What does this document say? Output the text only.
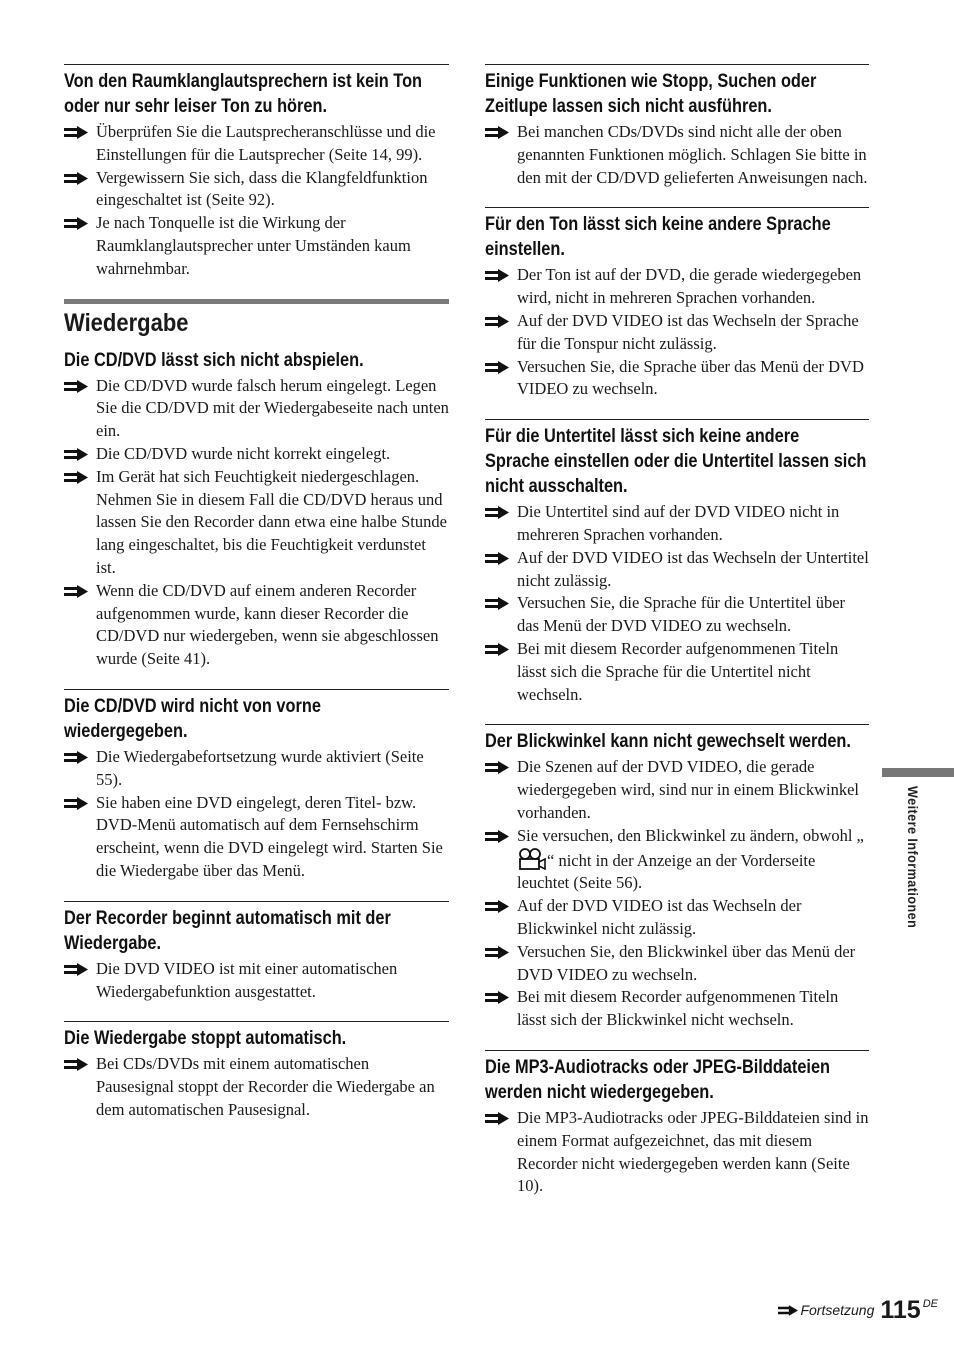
Von den Raumklanglautsprechern ist kein Ton oder nur sehr leiser Ton zu hören.
Überprüfen Sie die Lautsprecheranschlüsse und die Einstellungen für die Lautsprecher (Seite 14, 99).
Vergewissern Sie sich, dass die Klangfeldfunktion eingeschaltet ist (Seite 92).
Je nach Tonquelle ist die Wirkung der Raumklanglautsprecher unter Umständen kaum wahrnehmbar.
Wiedergabe
Die CD/DVD lässt sich nicht abspielen.
Die CD/DVD wurde falsch herum eingelegt. Legen Sie die CD/DVD mit der Wiedergabeseite nach unten ein.
Die CD/DVD wurde nicht korrekt eingelegt.
Im Gerät hat sich Feuchtigkeit niedergeschlagen. Nehmen Sie in diesem Fall die CD/DVD heraus und lassen Sie den Recorder dann etwa eine halbe Stunde lang eingeschaltet, bis die Feuchtigkeit verdunstet ist.
Wenn die CD/DVD auf einem anderen Recorder aufgenommen wurde, kann dieser Recorder die CD/DVD nur wiedergeben, wenn sie abgeschlossen wurde (Seite 41).
Die CD/DVD wird nicht von vorne wiedergegeben.
Die Wiedergabefortsetzung wurde aktiviert (Seite 55).
Sie haben eine DVD eingelegt, deren Titel- bzw. DVD-Menü automatisch auf dem Fernsehschirm erscheint, wenn die DVD eingelegt wird. Starten Sie die Wiedergabe über das Menü.
Der Recorder beginnt automatisch mit der Wiedergabe.
Die DVD VIDEO ist mit einer automatischen Wiedergabefunktion ausgestattet.
Die Wiedergabe stoppt automatisch.
Bei CDs/DVDs mit einem automatischen Pausesignal stoppt der Recorder die Wiedergabe an dem automatischen Pausesignal.
Einige Funktionen wie Stopp, Suchen oder Zeitlupe lassen sich nicht ausführen.
Bei manchen CDs/DVDs sind nicht alle der oben genannten Funktionen möglich. Schlagen Sie bitte in den mit der CD/DVD gelieferten Anweisungen nach.
Für den Ton lässt sich keine andere Sprache einstellen.
Der Ton ist auf der DVD, die gerade wiedergegeben wird, nicht in mehreren Sprachen vorhanden.
Auf der DVD VIDEO ist das Wechseln der Sprache für die Tonspur nicht zulässig.
Versuchen Sie, die Sprache über das Menü der DVD VIDEO zu wechseln.
Für die Untertitel lässt sich keine andere Sprache einstellen oder die Untertitel lassen sich nicht ausschalten.
Die Untertitel sind auf der DVD VIDEO nicht in mehreren Sprachen vorhanden.
Auf der DVD VIDEO ist das Wechseln der Untertitel nicht zulässig.
Versuchen Sie, die Sprache für die Untertitel über das Menü der DVD VIDEO zu wechseln.
Bei mit diesem Recorder aufgenommenen Titeln lässt sich die Sprache für die Untertitel nicht wechseln.
Der Blickwinkel kann nicht gewechselt werden.
Die Szenen auf der DVD VIDEO, die gerade wiedergegeben wird, sind nur in einem Blickwinkel vorhanden.
Sie versuchen, den Blickwinkel zu ändern, obwohl „“ nicht in der Anzeige an der Vorderseite leuchtet (Seite 56).
Auf der DVD VIDEO ist das Wechseln der Blickwinkel nicht zulässig.
Versuchen Sie, den Blickwinkel über das Menü der DVD VIDEO zu wechseln.
Bei mit diesem Recorder aufgenommenen Titeln lässt sich der Blickwinkel nicht wechseln.
Die MP3-Audiotracks oder JPEG-Bilddateien werden nicht wiedergegeben.
Die MP3-Audiotracks oder JPEG-Bilddateien sind in einem Format aufgezeichnet, das mit diesem Recorder nicht wiedergegeben werden kann (Seite 10).
Weitere Informationen
Fortsetzung 115 DE
